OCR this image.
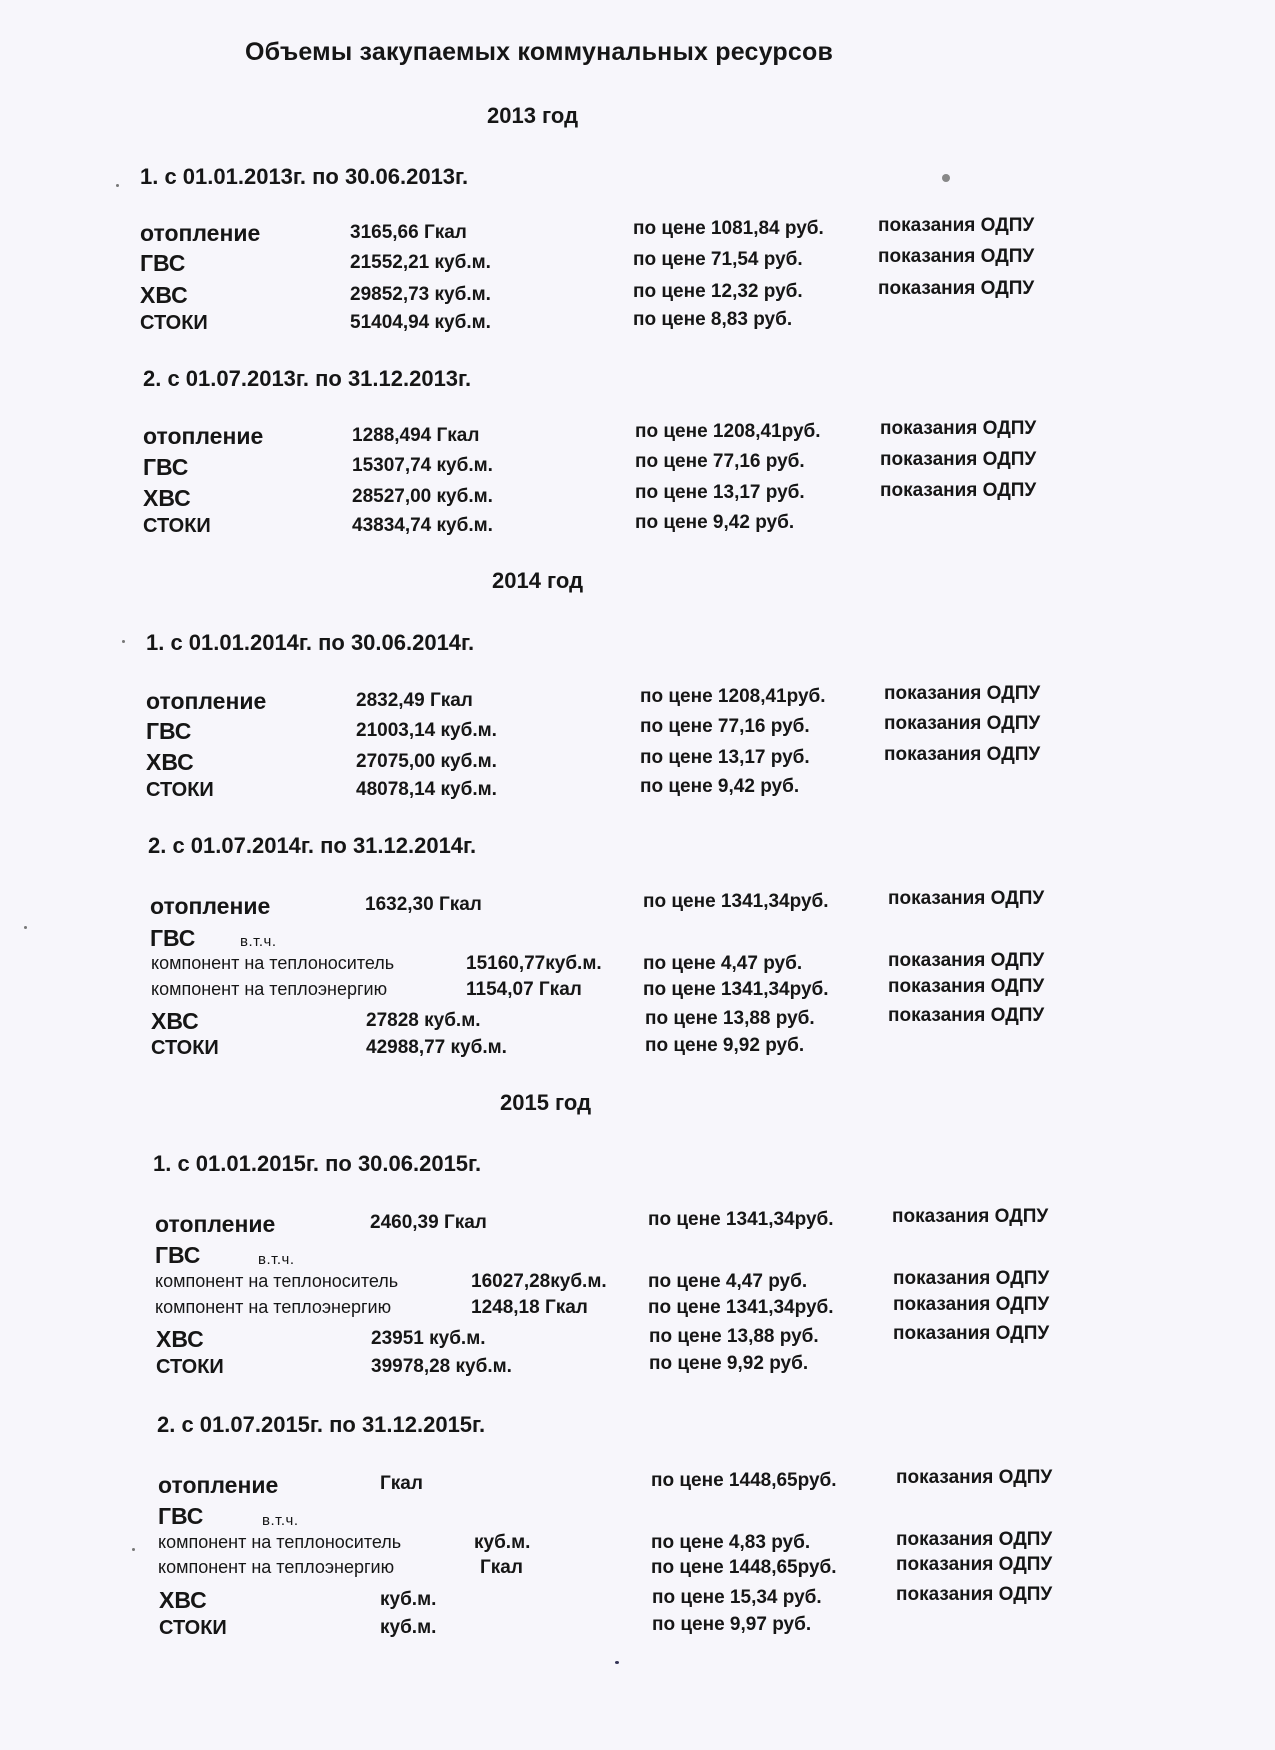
Объемы закупаемых коммунальных ресурсов
2013 год
1. с 01.01.2013г. по 30.06.2013г.
отопление	3165,66 Гкал	по цене 1081,84 руб.	показания ОДПУ
ГВС	21552,21 куб.м.	по цене 71,54 руб.	показания ОДПУ
ХВС	29852,73 куб.м.	по цене 12,32 руб.	показания ОДПУ
СТОКИ	51404,94 куб.м.	по цене 8,83 руб.
2. с 01.07.2013г. по 31.12.2013г.
отопление	1288,494 Гкал	по цене 1208,41руб.	показания ОДПУ
ГВС	15307,74 куб.м.	по цене 77,16 руб.	показания ОДПУ
ХВС	28527,00 куб.м.	по цене 13,17 руб.	показания ОДПУ
СТОКИ	43834,74 куб.м.	по цене 9,42 руб.
2014 год
1. с 01.01.2014г. по 30.06.2014г.
отопление	2832,49 Гкал	по цене 1208,41руб.	показания ОДПУ
ГВС	21003,14 куб.м.	по цене 77,16 руб.	показания ОДПУ
ХВС	27075,00 куб.м.	по цене 13,17 руб.	показания ОДПУ
СТОКИ	48078,14 куб.м.	по цене 9,42 руб.
2. с 01.07.2014г. по 31.12.2014г.
отопление	1632,30 Гкал	по цене 1341,34руб.	показания ОДПУ
ГВС	в.т.ч.
компонент на теплоноситель	15160,77куб.м. по цене 4,47 руб.	показания ОДПУ
компонент на теплоэнергию	1154,07 Гкал	по цене 1341,34руб.	показания ОДПУ
ХВС	27828 куб.м.	по цене 13,88 руб.	показания ОДПУ
СТОКИ	42988,77 куб.м.	по цене 9,92 руб.
2015 год
1. с 01.01.2015г. по 30.06.2015г.
отопление	2460,39 Гкал	по цене 1341,34руб.	показания ОДПУ
ГВС	в.т.ч.
компонент на теплоноситель	16027,28куб.м. по цене 4,47 руб.	показания ОДПУ
компонент на теплоэнергию	1248,18 Гкал	по цене 1341,34руб.	показания ОДПУ
ХВС	23951 куб.м.	по цене 13,88 руб.	показания ОДПУ
СТОКИ	39978,28 куб.м.	по цене 9,92 руб.
2. с 01.07.2015г. по 31.12.2015г.
отопление	Гкал	по цене 1448,65руб.	показания ОДПУ
ГВС	в.т.ч.
компонент на теплоноситель	куб.м.	по цене 4,83 руб.	показания ОДПУ
компонент на теплоэнергию	Гкал	по цене 1448,65руб.	показания ОДПУ
ХВС	куб.м.	по цене 15,34 руб.	показания ОДПУ
СТОКИ	куб.м.	по цене 9,97 руб.
